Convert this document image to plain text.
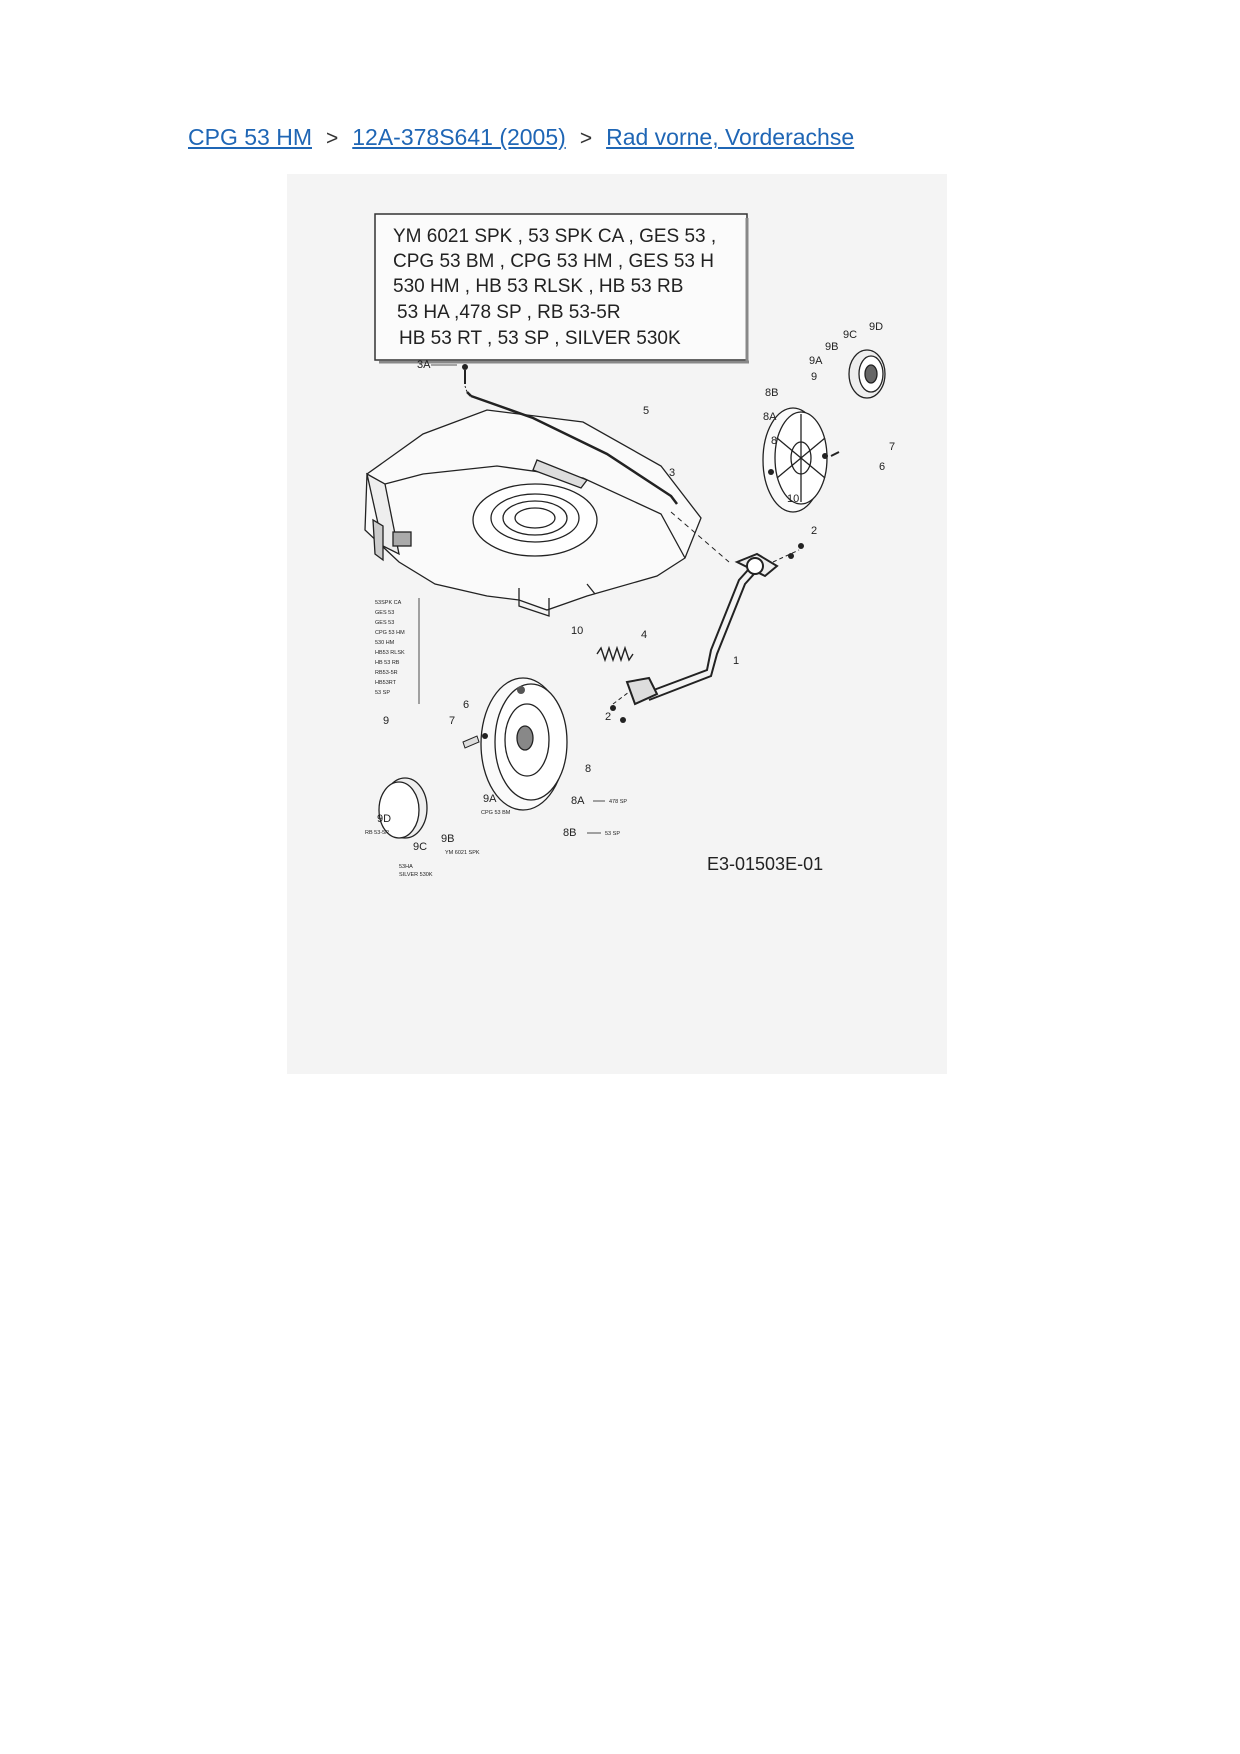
CPG 53 HM > 12A-378S641 (2005) > Rad vorne, Vorderachse
YM 6021 SPK , 53 SPK CA , GES 53 ,
CPG 53 BM , CPG 53 HM , GES 53 H
530 HM , HB 53 RLSK , HB 53 RB
53 HA ,478 SP , RB 53-5R
HB 53 RT , 53 SP , SILVER 530K
3A
5
3
2
1
4
9D
9C
9B
9A
9
8B
8A
8	7
6
10
10
6
7
9
8
2
9A	8A
9D
9B
9C
8B
53SPK CA
GES 53
GES 53
CPG 53 HM
530 HM
HB53 RLSK
HB 53 RB
RB53-5R
HB53RT
53 SP
478 SP
53 SP
CPG 53 BM
RB 53-5R
YM 6021 SPK
53HA
SILVER 530K
E3-01503E-01
